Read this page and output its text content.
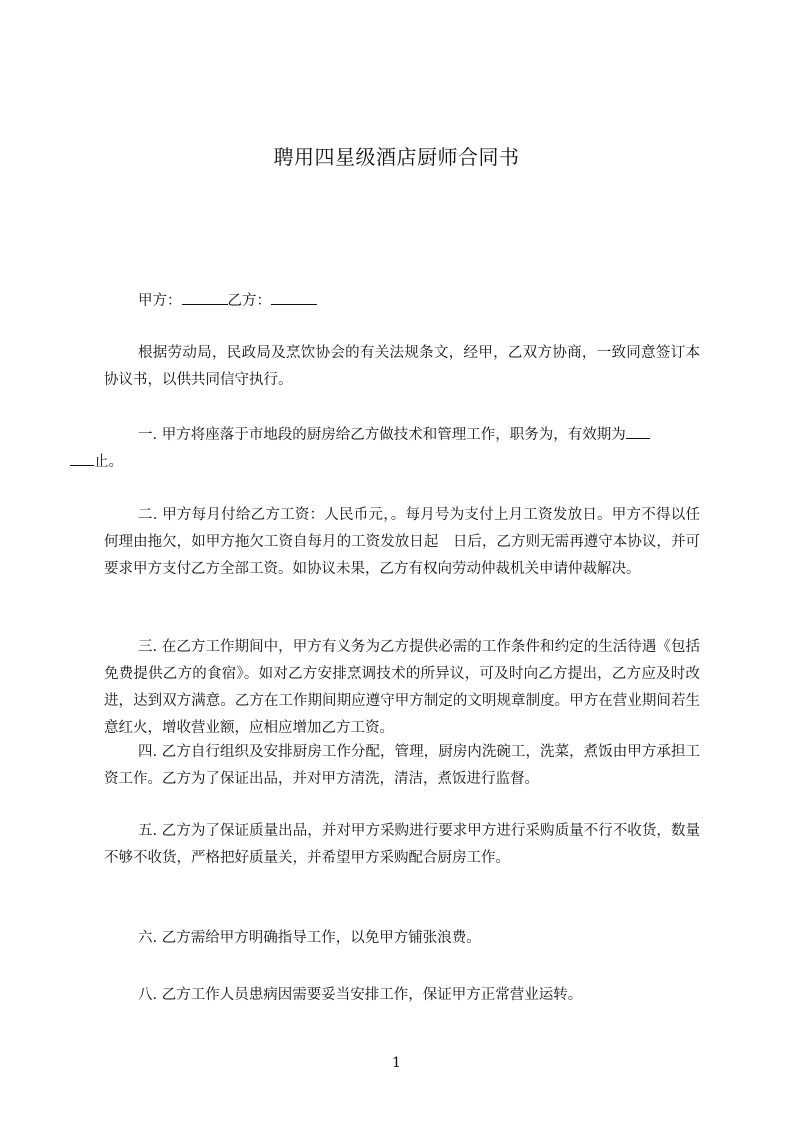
聘用四星级酒店厨师合同书

甲方：	乙方：

根据劳动局，民政局及烹饮协会的有关法规条文，经甲，乙双方协商，一致同意签订本协议书，以供共同信守执行。

一. 甲方将座落于市地段的厨房给乙方做技术和管理工作，职务为，有效期为
止。

二. 甲方每月付给乙方工资：人民币元，。每月号为支付上月工资发放日。甲方不得以任何理由拖欠，如甲方拖欠工资自每月的工资发放日起　日后，乙方则无需再遵守本协议，并可要求甲方支付乙方全部工资。如协议未果，乙方有权向劳动仲裁机关申请仲裁解决。

三. 在乙方工作期间中，甲方有义务为乙方提供必需的工作条件和约定的生活待遇《包括免费提供乙方的食宿》。如对乙方安排烹调技术的所异议，可及时向乙方提出，乙方应及时改进，达到双方满意。乙方在工作期间期应遵守甲方制定的文明规章制度。甲方在营业期间若生意红火，增收营业额，应相应增加乙方工资。

四. 乙方自行组织及安排厨房工作分配，管理，厨房内洗碗工，洗菜，煮饭由甲方承担工资工作。乙方为了保证出品，并对甲方清洗，清洁，煮饭进行监督。

五. 乙方为了保证质量出品，并对甲方采购进行要求甲方进行采购质量不行不收货，数量不够不收货，严格把好质量关，并希望甲方采购配合厨房工作。

六. 乙方需给甲方明确指导工作，以免甲方铺张浪费。

八. 乙方工作人员患病因需要妥当安排工作，保证甲方正常营业运转。

1
